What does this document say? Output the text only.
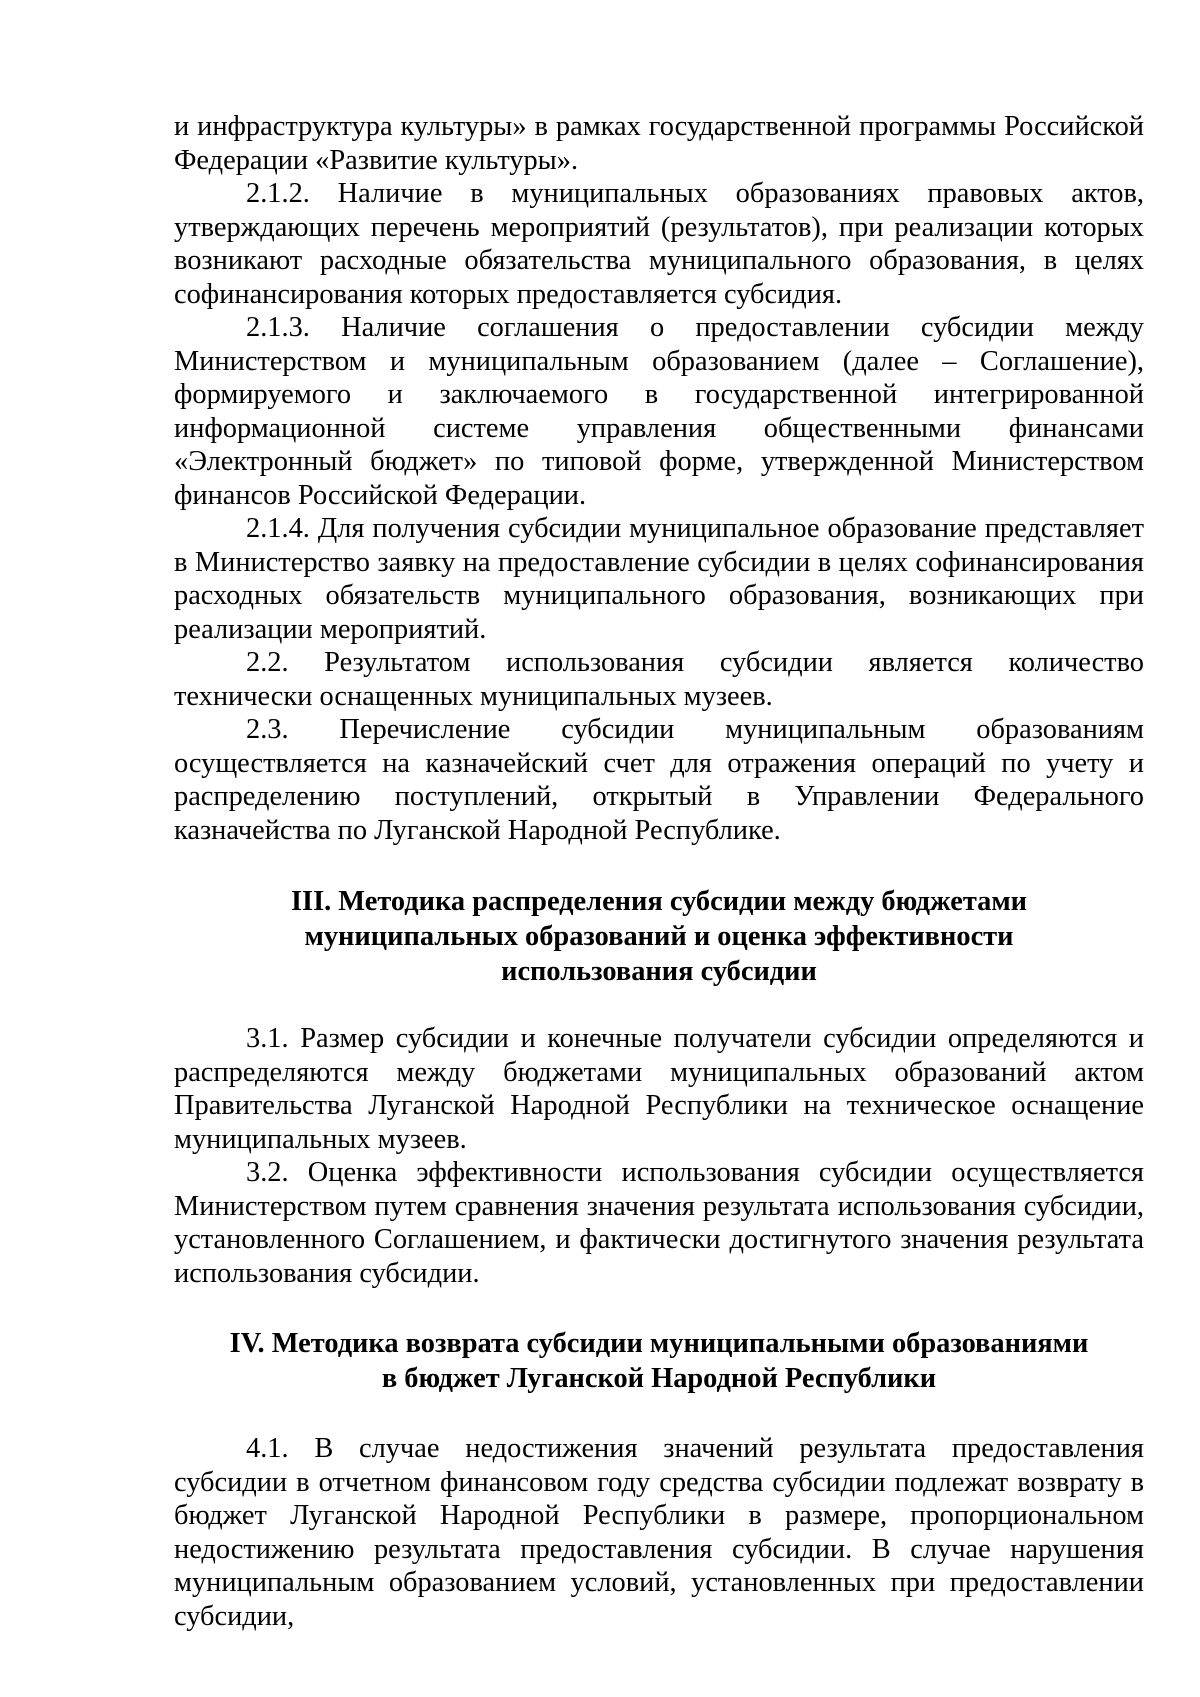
и инфраструктура культуры» в рамках государственной программы Российской Федерации «Развитие культуры».

2.1.2. Наличие в муниципальных образованиях правовых актов, утверждающих перечень мероприятий (результатов), при реализации которых возникают расходные обязательства муниципального образования, в целях софинансирования которых предоставляется субсидия.

2.1.3. Наличие соглашения о предоставлении субсидии между Министерством и муниципальным образованием (далее – Соглашение), формируемого и заключаемого в государственной интегрированной информационной системе управления общественными финансами «Электронный бюджет» по типовой форме, утвержденной Министерством финансов Российской Федерации.

2.1.4. Для получения субсидии муниципальное образование представляет в Министерство заявку на предоставление субсидии в целях софинансирования расходных обязательств муниципального образования, возникающих при реализации мероприятий.

2.2. Результатом использования субсидии является количество технически оснащенных муниципальных музеев.

2.3. Перечисление субсидии муниципальным образованиям осуществляется на казначейский счет для отражения операций по учету и распределению поступлений, открытый в Управлении Федерального казначейства по Луганской Народной Республике.

III. Методика распределения субсидии между бюджетами

муниципальных образований и оценка эффективности

использования субсидии

3.1. Размер субсидии и конечные получатели субсидии определяются и распределяются между бюджетами муниципальных образований актом Правительства Луганской Народной Республики на техническое оснащение муниципальных музеев.

3.2. Оценка эффективности использования субсидии осуществляется Министерством путем сравнения значения результата использования субсидии, установленного Соглашением, и фактически достигнутого значения результата использования субсидии.

IV. Методика возврата субсидии муниципальными образованиями

в бюджет Луганской Народной Республики

4.1. В случае недостижения значений результата предоставления субсидии в отчетном финансовом году средства субсидии подлежат возврату в бюджет Луганской Народной Республики в размере, пропорциональном недостижению результата предоставления субсидии. В случае нарушения муниципальным образованием условий, установленных при предоставлении субсидии,
